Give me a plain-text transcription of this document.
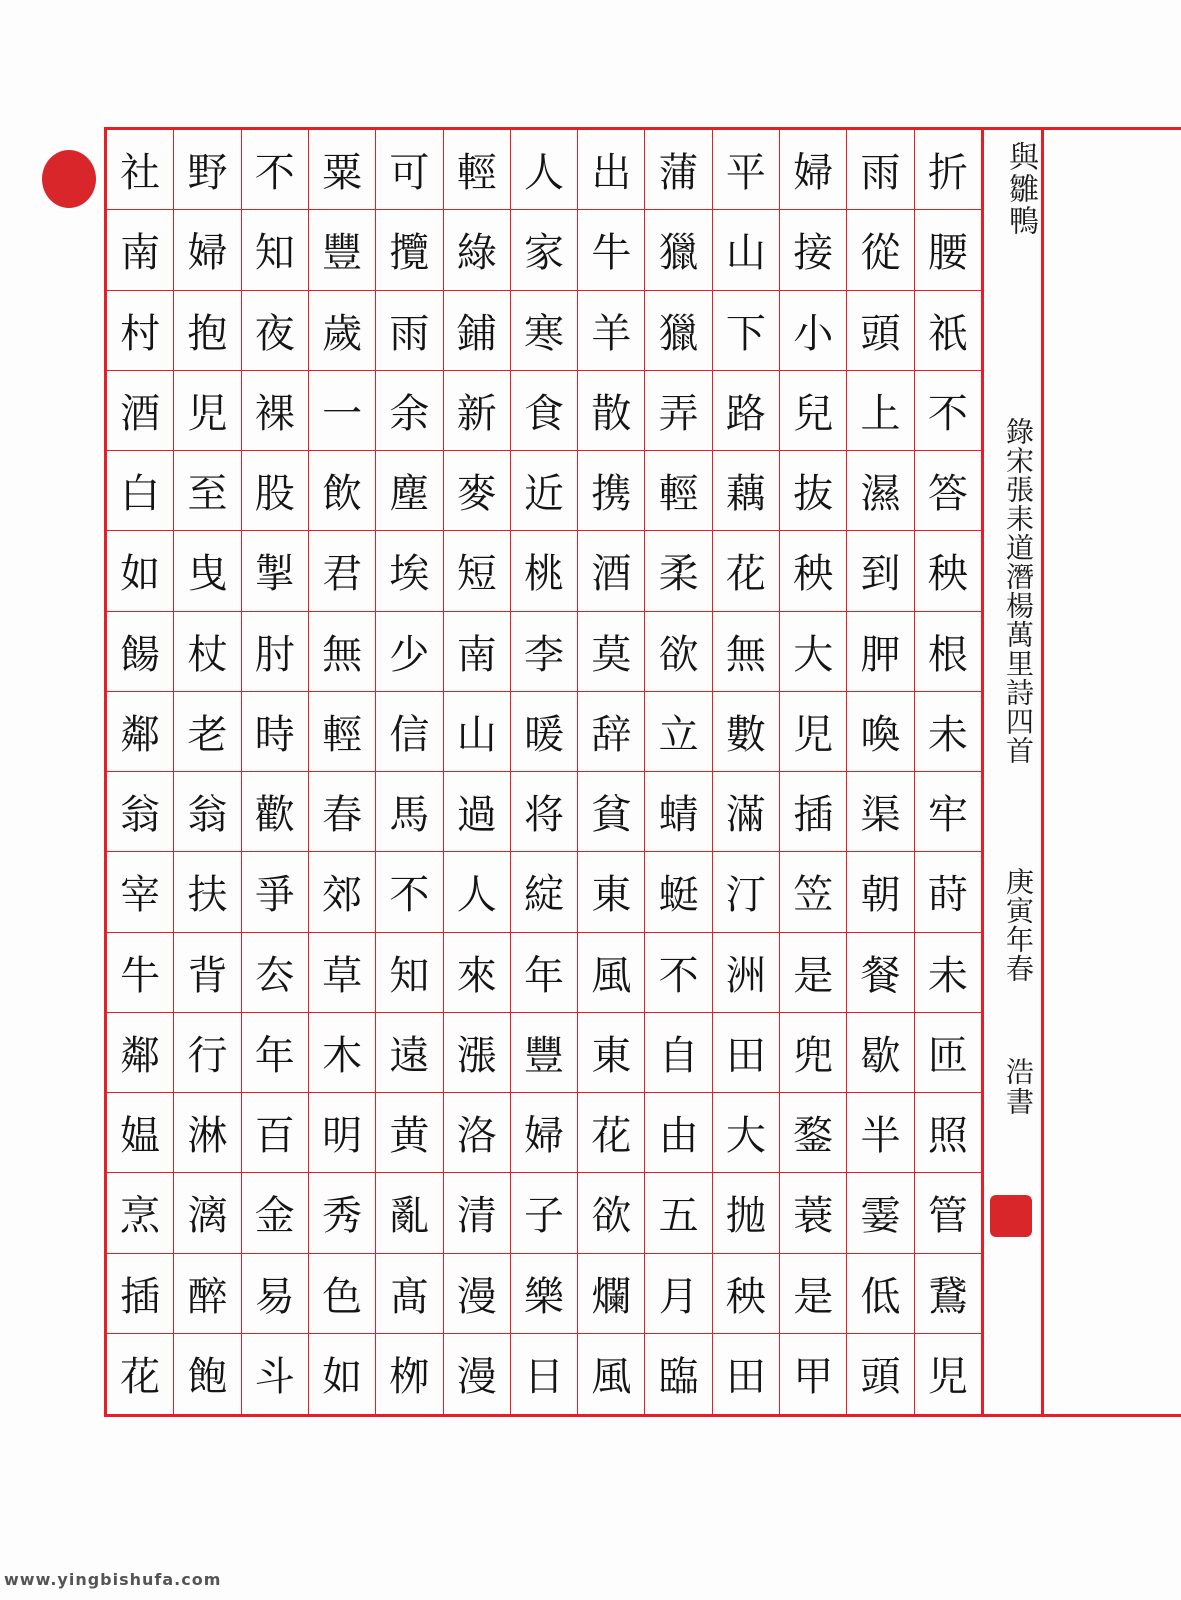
折
腰
祇
不
答
秧
根
未
牢
莳
未
匝
照
管
鵞
児
雨
從
頭
上
濕
到
胛
喚
渠
朝
餐
歇
半
霎
低
頭
婦
接
小
兒
抜
秧
大
児
插
笠
是
兜
鍪
蓑
是
甲
平
山
下
路
藕
花
無
數
滿
汀
洲
田
大
抛
秧
田
蒲
獵
獵
弄
輕
柔
欲
立
蜻
蜓
不
自
由
五
月
臨
出
牛
羊
散
携
酒
莫
辞
貧
東
風
東
花
欲
爛
風
人
家
寒
食
近
桃
李
暖
将
綻
年
豐
婦
子
樂
日
輕
綠
鋪
新
麥
短
南
山
過
人
來
漲
洛
清
漫
漫
可
攬
雨
余
塵
埃
少
信
馬
不
知
遠
黄
亂
髙
栁
粟
豐
歲
一
飲
君
無
輕
春
郊
草
木
明
秀
色
如
不
知
夜
裸
股
掣
肘
時
歡
爭
厺
年
百
金
易
斗
野
婦
抱
児
至
曳
杖
老
翁
扶
背
行
淋
漓
醉
飽
社
南
村
酒
白
如
餳
鄰
翁
宰
牛
鄰
媪
烹
插
花
與雛鴨
錄宋張耒道潛楊萬里詩四首
庚寅年春
浩書
www.yingbishufa.com
